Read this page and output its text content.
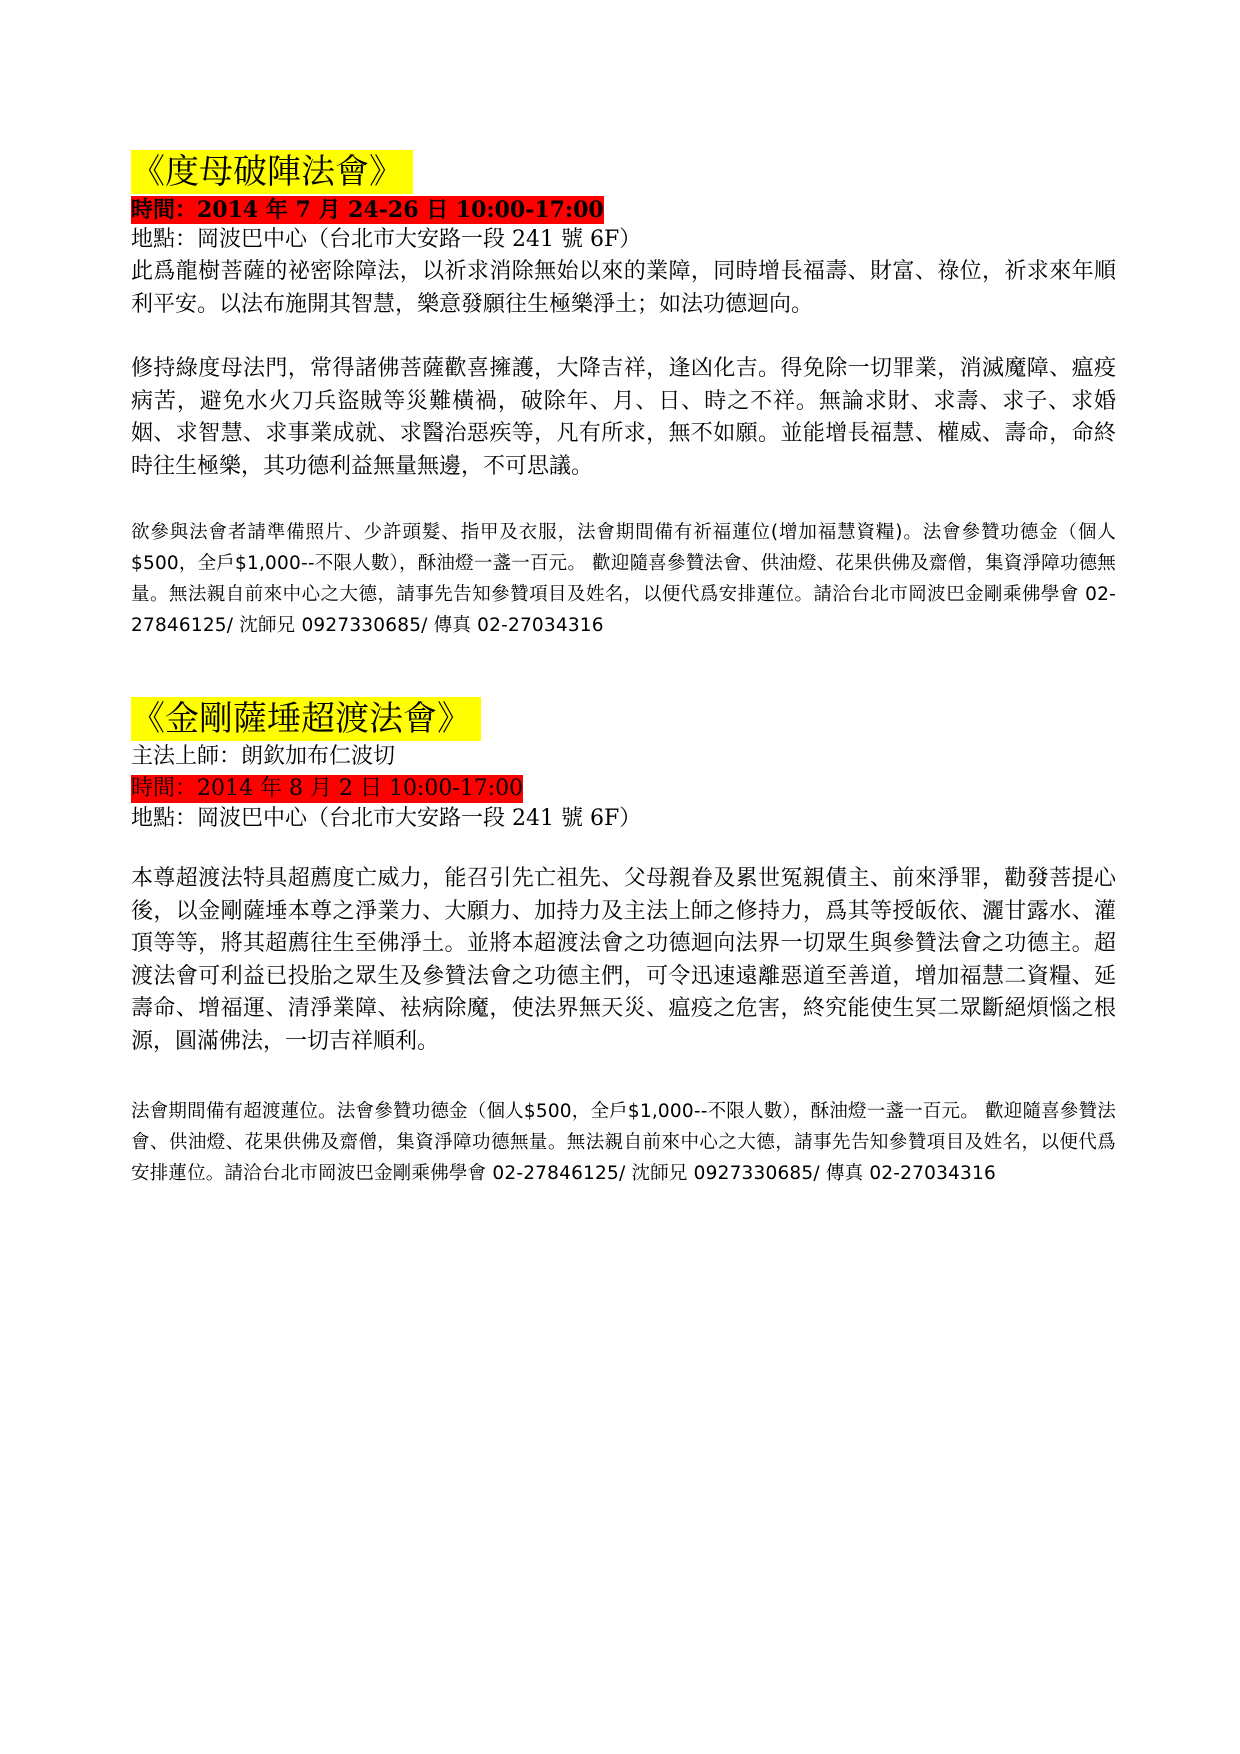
《度母破陣法會》
時間：2014 年 7 月 24-26 日 10:00-17:00

地點：岡波巴中心（台北市大安路一段 241 號 6F）

此爲龍樹菩薩的祕密除障法，以祈求消除無始以來的業障，同時增長福壽、財富、祿位，祈求來年順利平安。以法布施開其智慧，樂意發願往生極樂淨土；如法功德迴向。

修持綠度母法門，常得諸佛菩薩歡喜擁護，大降吉祥，逢凶化吉。得免除一切罪業，消滅魔障、瘟疫病苦，避免水火刀兵盜賊等災難橫禍，破除年、月、日、時之不祥。無論求財、求壽、求子、求婚姻、求智慧、求事業成就、求醫治惡疾等，凡有所求，無不如願。並能增長福慧、權威、壽命，命終時往生極樂，其功德利益無量無邊，不可思議。

欲參與法會者請準備照片、少許頭髮、指甲及衣服，法會期間備有祈福蓮位(增加福慧資糧)。法會參贊功德金（個人$500，全戶$1,000--不限人數），酥油燈一盞一百元。 歡迎隨喜參贊法會、供油燈、花果供佛及齋僧，集資淨障功德無量。無法親自前來中心之大德，請事先告知參贊項目及姓名，以便代爲安排蓮位。請洽台北市岡波巴金剛乘佛學會 02-27846125/ 沈師兄 0927330685/ 傳真 02-27034316

《金剛薩埵超渡法會》

主法上師：朗欽加布仁波切

時間：2014 年 8 月 2 日 10:00-17:00

地點：岡波巴中心（台北市大安路一段 241 號 6F）

本尊超渡法特具超薦度亡威力，能召引先亡祖先、父母親眷及累世冤親債主、前來淨罪，勸發菩提心後，以金剛薩埵本尊之淨業力、大願力、加持力及主法上師之修持力，爲其等授皈依、灑甘露水、灌頂等等，將其超薦往生至佛淨土。並將本超渡法會之功德迴向法界一切眾生與參贊法會之功德主。超渡法會可利益已投胎之眾生及參贊法會之功德主們，可令迅速遠離惡道至善道，增加福慧二資糧、延壽命、增福運、清淨業障、袪病除魔，使法界無天災、瘟疫之危害，終究能使生冥二眾斷絕煩惱之根源，圓滿佛法，一切吉祥順利。

法會期間備有超渡蓮位。法會參贊功德金（個人$500，全戶$1,000--不限人數），酥油燈一盞一百元。 歡迎隨喜參贊法會、供油燈、花果供佛及齋僧，集資淨障功德無量。無法親自前來中心之大德，請事先告知參贊項目及姓名，以便代爲安排蓮位。請洽台北市岡波巴金剛乘佛學會 02-27846125/ 沈師兄 0927330685/ 傳真 02-27034316
